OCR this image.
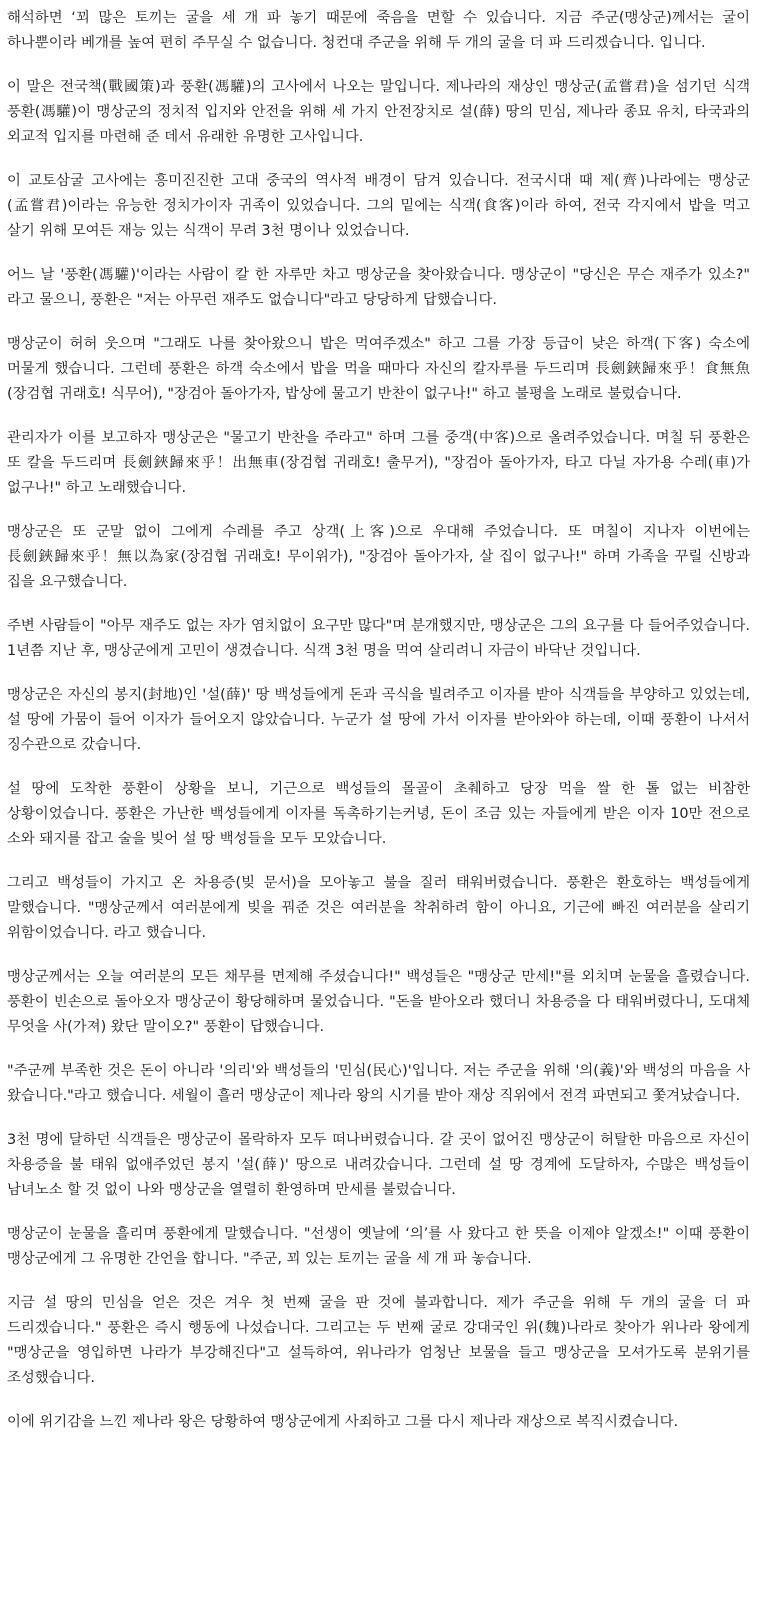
해석하면 ‘꾀 많은 토끼는 굴을 세 개 파 놓기 때문에 죽음을 면할 수 있습니다. 지금 주군(맹상군)께서는 굴이 하나뿐이라 베개를 높여 편히 주무실 수 없습니다. 청컨대 주군을 위해 두 개의 굴을 더 파 드리겠습니다. 입니다.

이 말은 전국책(戰國策)과 풍환(馮驩)의 고사에서 나오는 말입니다. 제나라의 재상인 맹상군(孟嘗君)을 섬기던 식객 풍환(馮驩)이 맹상군의 정치적 입지와 안전을 위해 세 가지 안전장치로 설(薛) 땅의 민심, 제나라 종묘 유치, 타국과의 외교적 입지를 마련해 준 데서 유래한 유명한 고사입니다.

이 교토삼굴 고사에는 흥미진진한 고대 중국의 역사적 배경이 담겨 있습니다. 전국시대 때 제(齊)나라에는 맹상군(孟嘗君)이라는 유능한 정치가이자 귀족이 있었습니다. 그의 밑에는 식객(食客)이라 하여, 전국 각지에서 밥을 먹고 살기 위해 모여든 재능 있는 식객이 무려 3천 명이나 있었습니다.

어느 날 '풍환(馮驩)'이라는 사람이 칼 한 자루만 차고 맹상군을 찾아왔습니다. 맹상군이 "당신은 무슨 재주가 있소?" 라고 물으니, 풍환은 "저는 아무런 재주도 없습니다"라고 당당하게 답했습니다.

맹상군이 허허 웃으며 "그래도 나를 찾아왔으니 밥은 먹여주겠소" 하고 그를 가장 등급이 낮은 하객(下客) 숙소에 머물게 했습니다. 그런데 풍환은 하객 숙소에서 밥을 먹을 때마다 자신의 칼자루를 두드리며 長劍鋏歸來乎！食無魚(장검협 귀래호! 식무어), "장검아 돌아가자, 밥상에 물고기 반찬이 없구나!" 하고 불평을 노래로 불렀습니다.

관리자가 이를 보고하자 맹상군은 "물고기 반찬을 주라고" 하며 그를 중객(中客)으로 올려주었습니다. 며칠 뒤 풍환은 또 칼을 두드리며 長劍鋏歸來乎！出無車(장검협 귀래호! 출무거), "장검아 돌아가자, 타고 다닐 자가용 수레(車)가 없구나!" 하고 노래했습니다.

맹상군은 또 군말 없이 그에게 수레를 주고 상객(上客)으로 우대해 주었습니다. 또 며칠이 지나자 이번에는 長劍鋏歸來乎！無以為家(장검협 귀래호! 무이위가), "장검아 돌아가자, 살 집이 없구나!" 하며 가족을 꾸릴 신방과 집을 요구했습니다.

주변 사람들이 "아무 재주도 없는 자가 염치없이 요구만 많다"며 분개했지만, 맹상군은 그의 요구를 다 들어주었습니다. 1년쯤 지난 후, 맹상군에게 고민이 생겼습니다. 식객 3천 명을 먹여 살리려니 자금이 바닥난 것입니다.

맹상군은 자신의 봉지(封地)인 '설(薛)' 땅 백성들에게 돈과 곡식을 빌려주고 이자를 받아 식객들을 부양하고 있었는데, 설 땅에 가뭄이 들어 이자가 들어오지 않았습니다. 누군가 설 땅에 가서 이자를 받아와야 하는데, 이때 풍환이 나서서 징수관으로 갔습니다.

설 땅에 도착한 풍환이 상황을 보니, 기근으로 백성들의 몰골이 초췌하고 당장 먹을 쌀 한 톨 없는 비참한 상황이었습니다. 풍환은 가난한 백성들에게 이자를 독촉하기는커녕, 돈이 조금 있는 자들에게 받은 이자 10만 전으로 소와 돼지를 잡고 술을 빚어 설 땅 백성들을 모두 모았습니다.

그리고 백성들이 가지고 온 차용증(빚 문서)을 모아놓고 불을 질러 태워버렸습니다. 풍환은 환호하는 백성들에게 말했습니다. "맹상군께서 여러분에게 빚을 꿔준 것은 여러분을 착취하려 함이 아니요, 기근에 빠진 여러분을 살리기 위함이었습니다. 라고 했습니다.

맹상군께서는 오늘 여러분의 모든 채무를 면제해 주셨습니다!" 백성들은 "맹상군 만세!"를 외치며 눈물을 흘렸습니다. 풍환이 빈손으로 돌아오자 맹상군이 황당해하며 물었습니다. "돈을 받아오라 했더니 차용증을 다 태워버렸다니, 도대체 무엇을 사(가져) 왔단 말이오?" 풍환이 답했습니다.

"주군께 부족한 것은 돈이 아니라 '의리'와 백성들의 '민심(民心)'입니다. 저는 주군을 위해 '의(義)'와 백성의 마음을 사 왔습니다."라고 했습니다. 세월이 흘러 맹상군이 제나라 왕의 시기를 받아 재상 직위에서 전격 파면되고 쫓겨났습니다.

3천 명에 달하던 식객들은 맹상군이 몰락하자 모두 떠나버렸습니다. 갈 곳이 없어진 맹상군이 허탈한 마음으로 자신이 차용증을 불 태워 없애주었던 봉지 '설(薛)' 땅으로 내려갔습니다. 그런데 설 땅 경계에 도달하자, 수많은 백성들이 남녀노소 할 것 없이 나와 맹상군을 열렬히 환영하며 만세를 불렀습니다.

맹상군이 눈물을 흘리며 풍환에게 말했습니다. "선생이 옛날에 ‘의’를 사 왔다고 한 뜻을 이제야 알겠소!" 이때 풍환이 맹상군에게 그 유명한 간언을 합니다. "주군, 꾀 있는 토끼는 굴을 세 개 파 놓습니다.

지금 설 땅의 민심을 얻은 것은 겨우 첫 번째 굴을 판 것에 불과합니다. 제가 주군을 위해 두 개의 굴을 더 파 드리겠습니다." 풍환은 즉시 행동에 나섰습니다. 그리고는 두 번째 굴로 강대국인 위(魏)나라로 찾아가 위나라 왕에게 "맹상군을 영입하면 나라가 부강해진다"고 설득하여, 위나라가 엄청난 보물을 들고 맹상군을 모셔가도록 분위기를 조성했습니다.

이에 위기감을 느낀 제나라 왕은 당황하여 맹상군에게 사죄하고 그를 다시 제나라 재상으로 복직시켰습니다.
